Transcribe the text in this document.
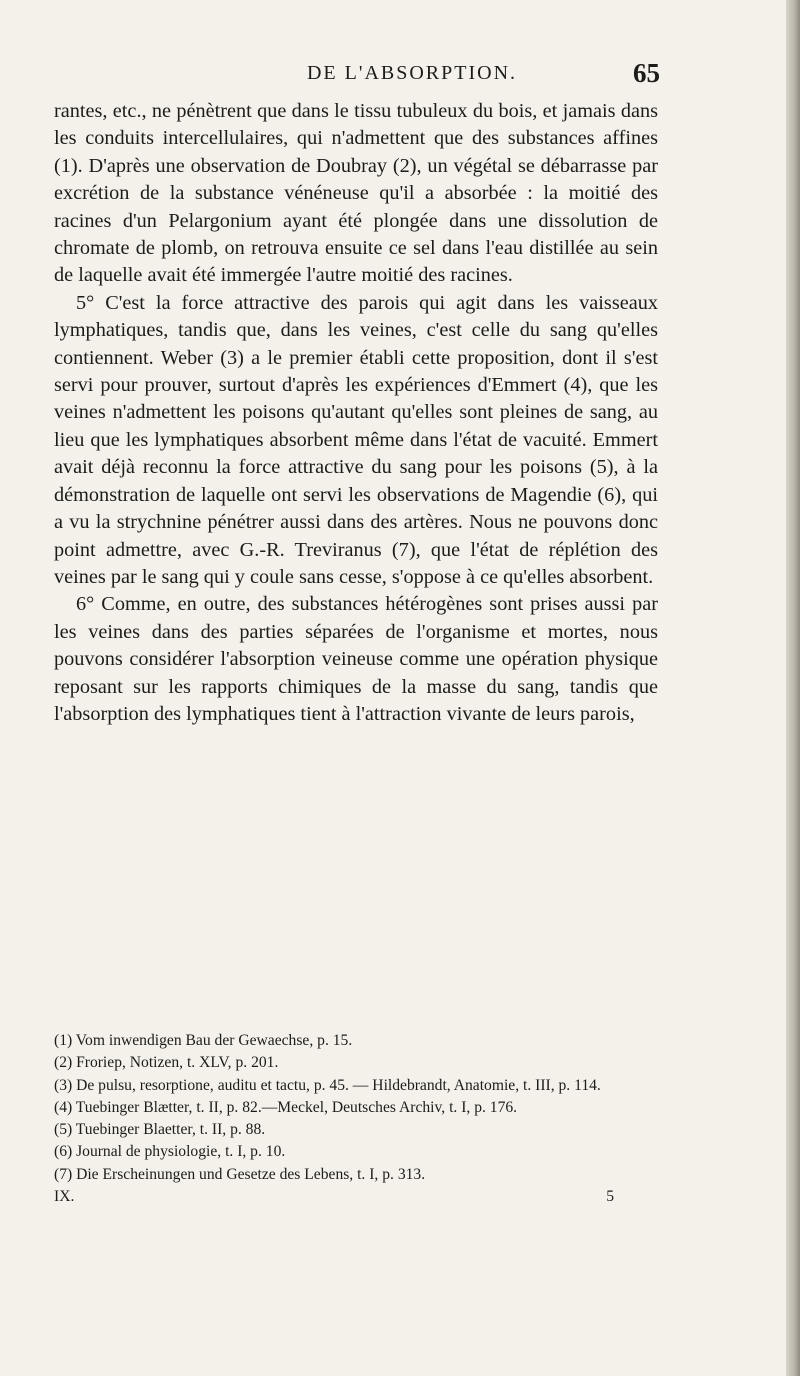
DE L'ABSORPTION.	65

rantes, etc., ne pénètrent que dans le tissu tubuleux du bois, et jamais dans les conduits intercellulaires, qui n'admettent que des substances affines (1). D'après une observation de Doubray (2), un végétal se débarrasse par excrétion de la substance vénéneuse qu'il a absorbée : la moitié des racines d'un Pelargonium ayant été plongée dans une dissolution de chromate de plomb, on retrouva ensuite ce sel dans l'eau distillée au sein de laquelle avait été immergée l'autre moitié des racines.

5° C'est la force attractive des parois qui agit dans les vaisseaux lymphatiques, tandis que, dans les veines, c'est celle du sang qu'elles contiennent. Weber (3) a le premier établi cette proposition, dont il s'est servi pour prouver, surtout d'après les expériences d'Emmert (4), que les veines n'admettent les poisons qu'autant qu'elles sont pleines de sang, au lieu que les lymphatiques absorbent même dans l'état de vacuité. Emmert avait déjà reconnu la force attractive du sang pour les poisons (5), à la démonstration de laquelle ont servi les observations de Magendie (6), qui a vu la strychnine pénétrer aussi dans des artères. Nous ne pouvons donc point admettre, avec G.-R. Treviranus (7), que l'état de réplétion des veines par le sang qui y coule sans cesse, s'oppose à ce qu'elles absorbent.

6° Comme, en outre, des substances hétérogènes sont prises aussi par les veines dans des parties séparées de l'organisme et mortes, nous pouvons considérer l'absorption veineuse comme une opération physique reposant sur les rapports chimiques de la masse du sang, tandis que l'absorption des lymphatiques tient à l'attraction vivante de leurs parois,

(1) Vom inwendigen Bau der Gewaechse, p. 15.

(2) Froriep, Notizen, t. XLV, p. 201.

(3) De pulsu, resorptione, auditu et tactu, p. 45. — Hildebrandt, Anatomie, t. III, p. 114.

(4) Tuebinger Blætter, t. II, p. 82.—Meckel, Deutsches Archiv, t. I, p. 176.

(5) Tuebinger Blaetter, t. II, p. 88.

(6) Journal de physiologie, t. I, p. 10.

(7) Die Erscheinungen und Gesetze des Lebens, t. I, p. 313.

IX.	5
